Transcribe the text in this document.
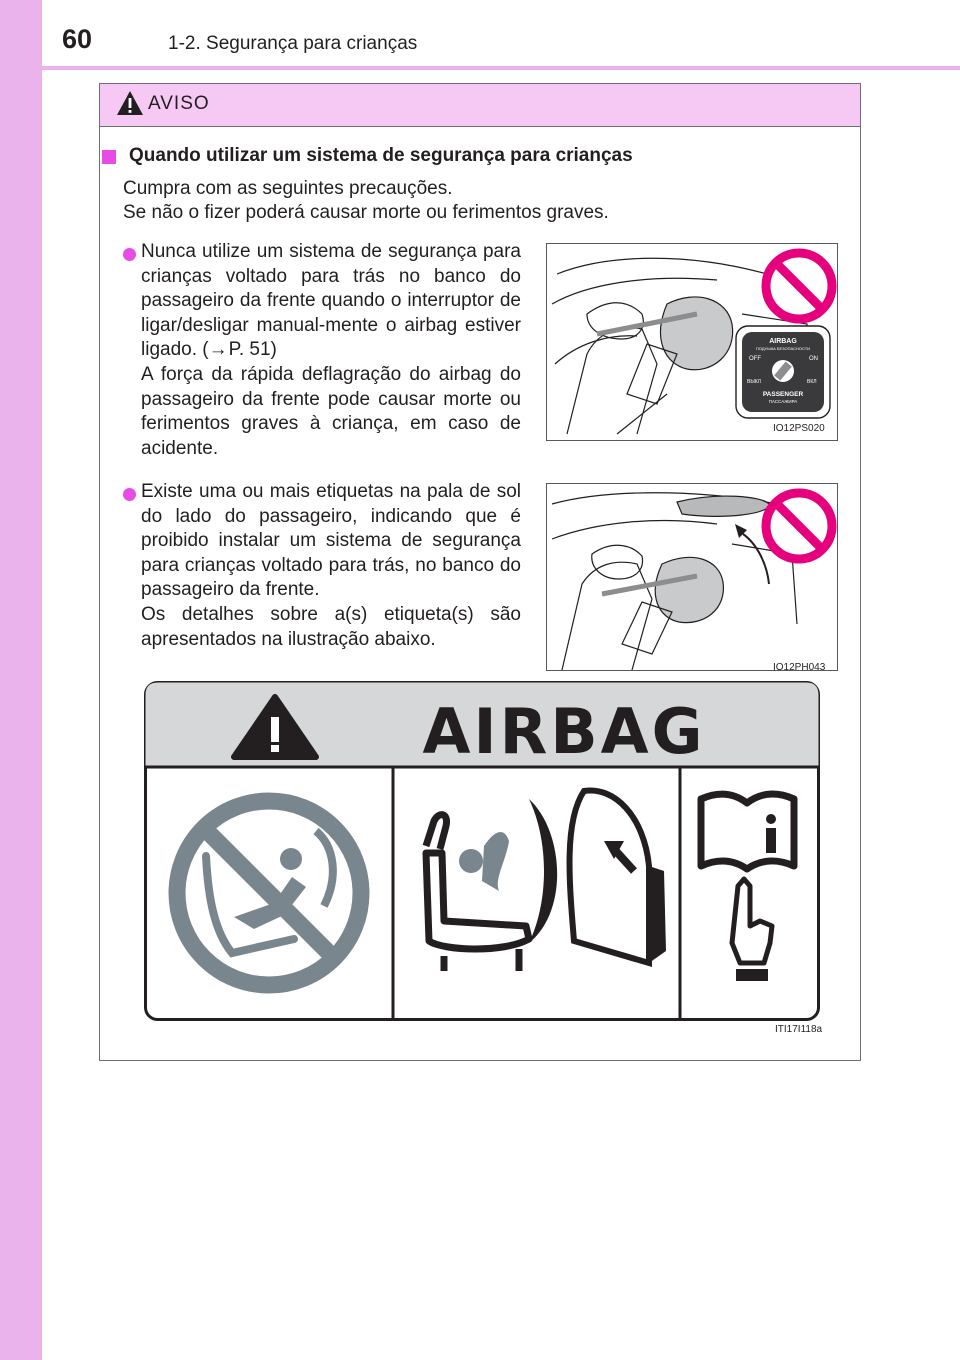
60	1-2. Segurança para crianças
AVISO
Quando utilizar um sistema de segurança para crianças
Cumpra com as seguintes precauções.
Se não o fizer poderá causar morte ou ferimentos graves.

Nunca utilize um sistema de segurança para crianças voltado para trás no banco do passageiro da frente quando o interruptor de ligar/desligar manual-mente o airbag estiver ligado. (→P. 51)

A força da rápida deflagração do airbag do passageiro da frente pode causar morte ou ferimentos graves à criança, em caso de acidente.

AIRBAG
ПОДУШКА БЕЗОПАСНОСТИ
OFF	ON
ВЫКЛ	ВКЛ
PASSENGER
ПАССАЖИРА
IO12PS020

Existe uma ou mais etiquetas na pala de sol do lado do passageiro, indicando que é proibido instalar um sistema de segurança para crianças voltado para trás, no banco do passageiro da frente.

Os detalhes sobre a(s) etiqueta(s) são apresentados na ilustração abaixo.

IO12PH043
AIRBAG
ITI17I118a
